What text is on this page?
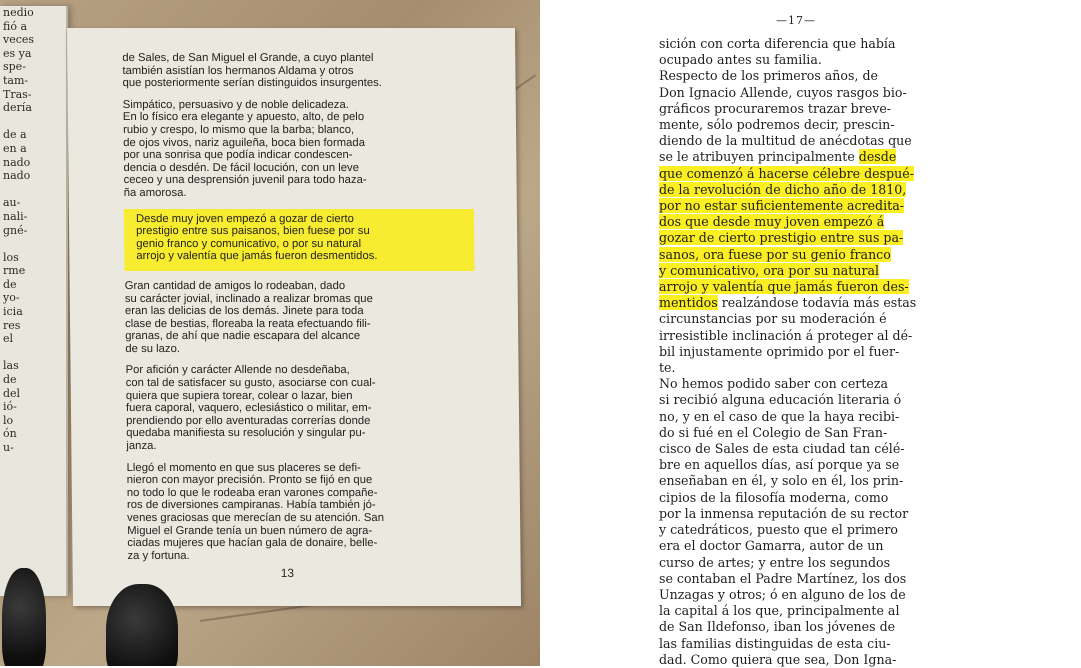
nedio
fió a
veces
es ya
spe-
tam-
Tras-
dería

de a
en a
nado
nado

au-
nali-
gné-

los
rme
de
yo-
icia
res
el

las
de
del
ió-
lo
ón
u-

de Sales, de San Miguel el Grande, a cuyo plantel
también asistían los hermanos Aldama y otros
que posteriormente serían distinguidos insurgentes.

Simpático, persuasivo y de noble delicadeza.
En lo físico era elegante y apuesto, alto, de pelo
rubio y crespo, lo mismo que la barba; blanco,
de ojos vivos, nariz aguileña, boca bien formada
por una sonrisa que podía indicar condescen-
dencia o desdén. De fácil locución, con un leve
ceceo y una desprensión juvenil para todo haza-
ña amorosa.

Desde muy joven empezó a gozar de cierto
prestigio entre sus paisanos, bien fuese por su
genio franco y comunicativo, o por su natural
arrojo y valentía que jamás fueron desmentidos.

Gran cantidad de amigos lo rodeaban, dado
su carácter jovial, inclinado a realizar bromas que
eran las delicias de los demás. Jinete para toda
clase de bestias, floreaba la reata efectuando fili-
granas, de ahí que nadie escapara del alcance
de su lazo.

Por afición y carácter Allende no desdeñaba,
con tal de satisfacer su gusto, asociarse con cual-
quiera que supiera torear, colear o lazar, bien
fuera caporal, vaquero, eclesiástico o militar, em-
prendiendo por ello aventuradas correrías donde
quedaba manifiesta su resolución y singular pu-
janza.

Llegó el momento en que sus placeres se defi-
nieron con mayor precisión. Pronto se fijó en que
no todo lo que le rodeaba eran varones compañe-
ros de diversiones campiranas. Había también jó-
venes graciosas que merecían de su atención. San
Miguel el Grande tenía un buen número de agra-
ciadas mujeres que hacían gala de donaire, belle-
za y fortuna.

13
—17—
sición con corta diferencia que había
ocupado antes su familia.
Respecto de los primeros años, de
Don Ignacio Allende, cuyos rasgos bio-
gráficos procuraremos trazar breve-
mente, sólo podremos decir, prescin-
diendo de la multitud de anécdotas que
se le atribuyen principalmente desde
que comenzó á hacerse célebre despué-
de la revolución de dicho año de 1810,
por no estar suficientemente acredita-
dos que desde muy joven empezó á
gozar de cierto prestigio entre sus pa-
sanos, ora fuese por su genio franco
y comunicativo, ora por su natural
arrojo y valentía que jamás fueron des-
mentidos realzándose todavía más estas
circunstancias por su moderación é
irresistible inclinación á proteger al dé-
bil injustamente oprimido por el fuer-
te.
No hemos podido saber con certeza
si recibió alguna educación literaria ó
no, y en el caso de que la haya recibi-
do si fué en el Colegio de San Fran-
cisco de Sales de esta ciudad tan célé-
bre en aquellos días, así porque ya se
enseñaban en él, y solo en él, los prin-
cipios de la filosofía moderna, como
por la inmensa reputación de su rector
y catedráticos, puesto que el primero
era el doctor Gamarra, autor de un
curso de artes; y entre los segundos
se contaban el Padre Martínez, los dos
Unzagas y otros; ó en alguno de los de
la capital á los que, principalmente al
de San Ildefonso, iban los jóvenes de
las familias distinguidas de esta ciu-
dad. Como quiera que sea, Don Igna-
